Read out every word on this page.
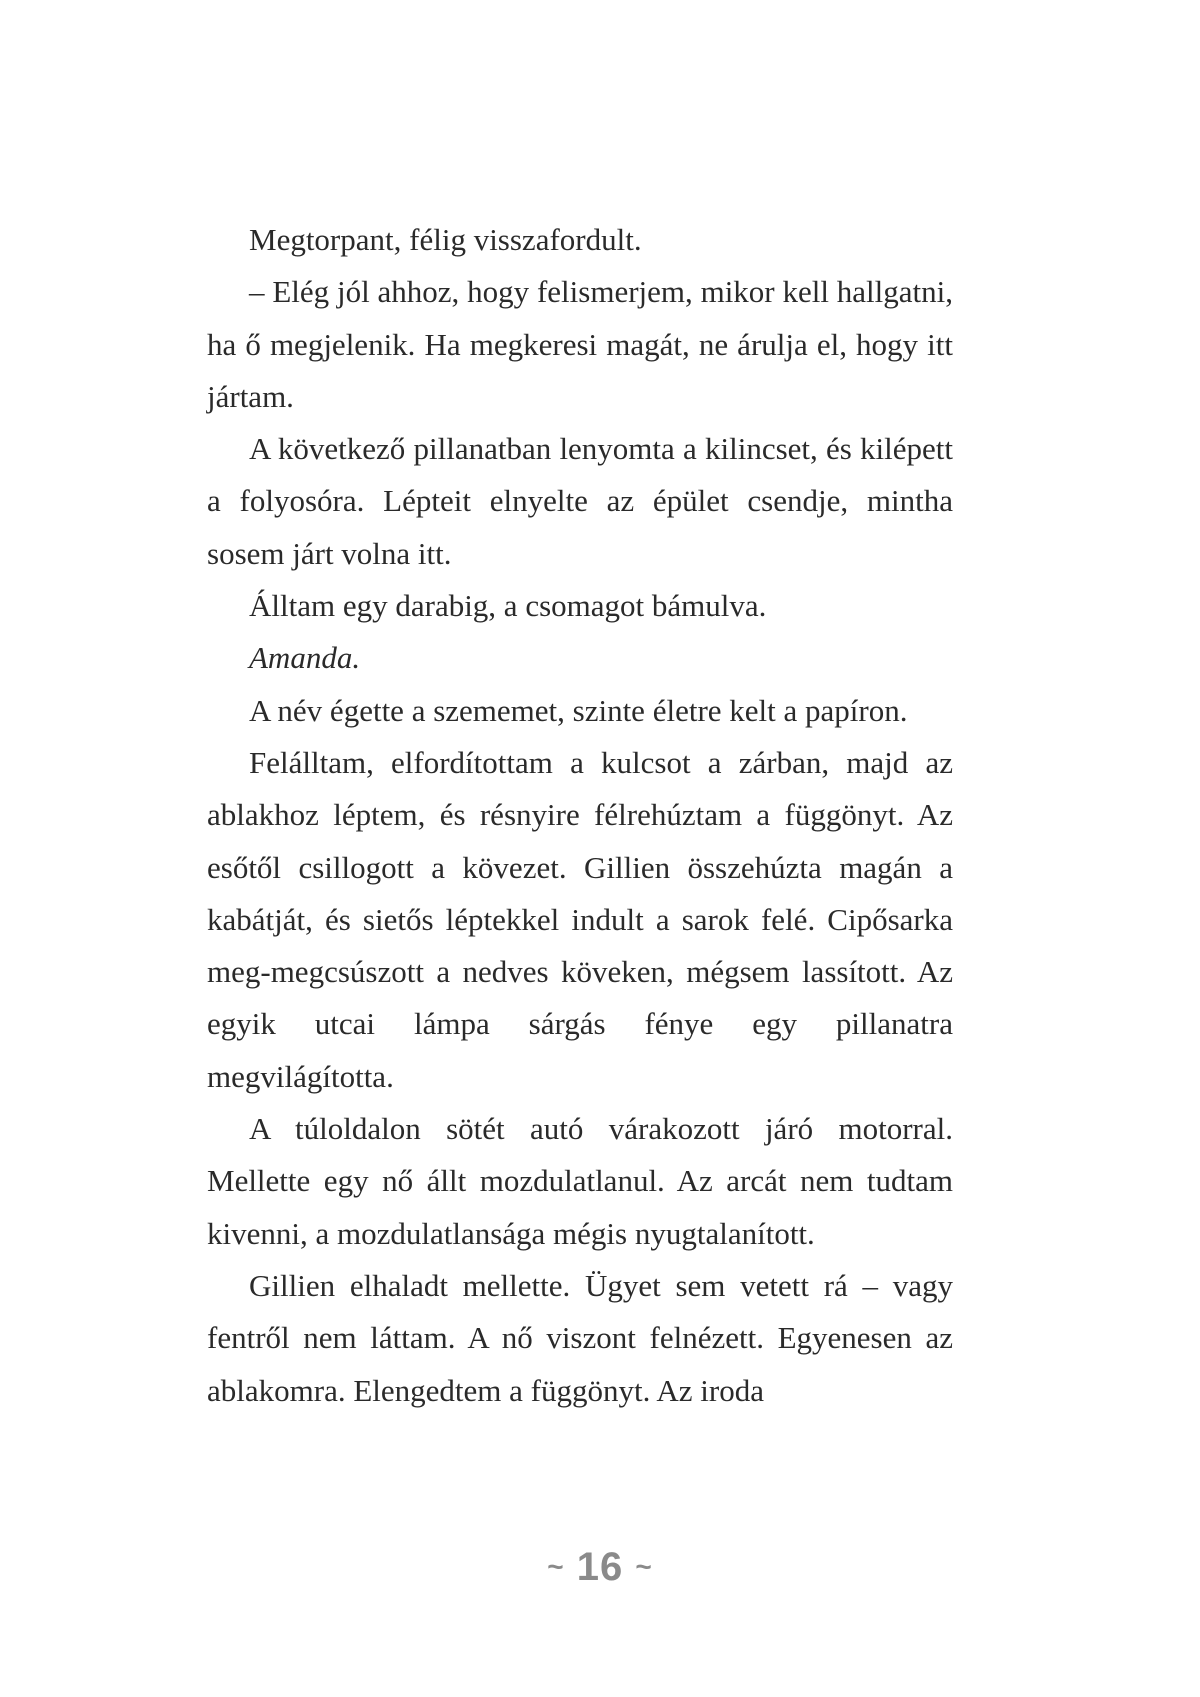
Megtorpant, félig visszafordult.

– Elég jól ahhoz, hogy felismerjem, mikor kell hallgatni, ha ő megjelenik. Ha megkeresi magát, ne árulja el, hogy itt jártam.

A következő pillanatban lenyomta a kilincset, és kilépett a folyosóra. Lépteit elnyelte az épület csendje, mintha sosem járt volna itt.

Álltam egy darabig, a csomagot bámulva.

Amanda.

A név égette a szememet, szinte életre kelt a papíron.

Felálltam, elfordítottam a kulcsot a zárban, majd az ablakhoz léptem, és résnyire félrehúztam a függönyt. Az esőtől csillogott a kövezet. Gillien összehúzta magán a kabátját, és sietős léptekkel indult a sarok felé. Cipősarka meg-megcsúszott a nedves köveken, mégsem lassított. Az egyik utcai lámpa sárgás fénye egy pillanatra megvilágította.

A túloldalon sötét autó várakozott járó motorral. Mellette egy nő állt mozdulatlanul. Az arcát nem tudtam kivenni, a mozdulatlansága mégis nyugtalanított.

Gillien elhaladt mellette. Ügyet sem vetett rá – vagy fentről nem láttam. A nő viszont felnézett. Egyenesen az ablakomra. Elengedtem a függönyt. Az iroda

~ 16 ~
